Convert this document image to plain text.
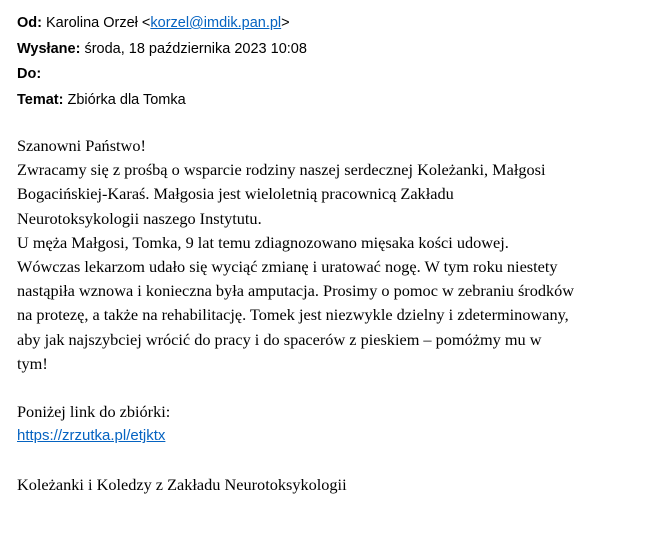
Od: Karolina Orzeł <korzel@imdik.pan.pl>
Wysłane: środa, 18 października 2023 10:08
Do:
Temat: Zbiórka dla Tomka

Szanowni Państwo!

Zwracamy się z prośbą o wsparcie rodziny naszej serdecznej Koleżanki, Małgosi

Bogacińskiej-Karaś. Małgosia jest wieloletnią pracownicą Zakładu

Neurotoksykologii naszego Instytutu.

U męża Małgosi, Tomka, 9 lat temu zdiagnozowano mięsaka kości udowej.

Wówczas lekarzom udało się wyciąć zmianę i uratować nogę. W tym roku niestety

nastąpiła wznowa i konieczna była amputacja. Prosimy o pomoc w zebraniu środków

na protezę, a także na rehabilitację. Tomek jest niezwykle dzielny i zdeterminowany,

aby jak najszybciej wrócić do pracy i do spacerów z pieskiem – pomóżmy mu w

tym!

Poniżej link do zbiórki:

https://zrzutka.pl/etjktx

Koleżanki i Koledzy z Zakładu Neurotoksykologii
